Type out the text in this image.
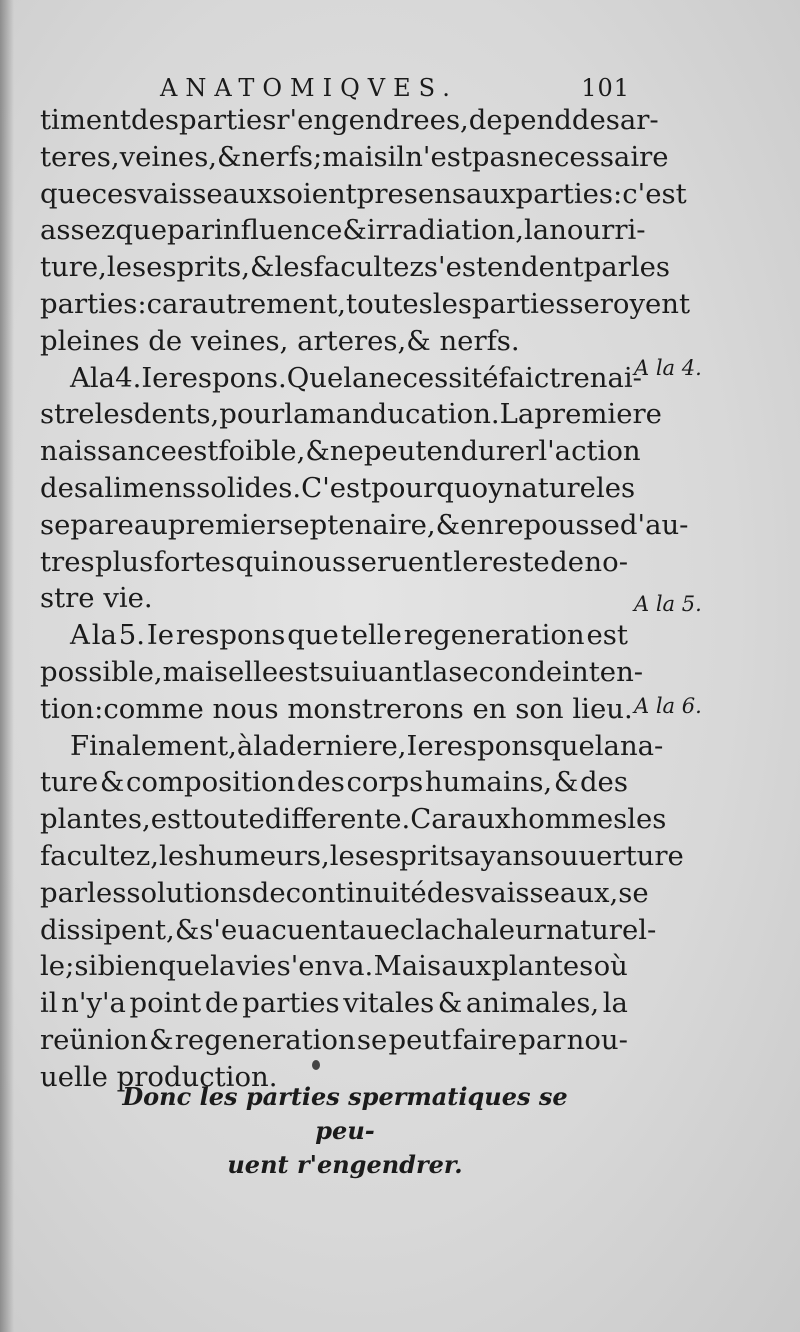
ANATOMIQVES.	101
timent des parties r'engendrees, depend des ar-
teres,veines, & nerfs; mais il n'est pas necessaire
que ces vaisseaux soient presens aux parties: c'est
assez que par influence & irradiation, la nourri-
ture,les esprits, & les facultez s'estendent par les
parties:car autrement, toutes les parties seroyent
pleines de veines, arteres,& nerfs.
A la 4.Ie respons. Que la necessité faict renai-
stre les dents,pour la manducation. La premiere
naissance est foible, & ne peut endurer l'action
des alimens solides. C'est pourquoy nature les
separe au premier septenaire,& en repousse d'au-
tres plus fortes qui nous seruent le reste de no-
stre vie.
A la 5. Ie respons que telle regeneration est
possible, mais elle est suiuant la seconde inten-
tion:comme nous monstrerons en son lieu.
Finalement,à la derniere,Ie respons que la na-
ture & composition des corps humains, & des
plantes, est toute differente.Car aux hommes les
facultez,les humeurs, les esprits ayans ouuerture
par les solutions de continuité des vaisseaux, se
dissipent, & s'euacuent auec la chaleur naturel-
le;si bien que la vie s'en va. Mais aux plantes où
il n'y'a point de parties vitales & animales, la
reünion & regeneration se peut faire par nou-
uelle production.
A la 4.
A la 5.
A la 6.
Donc les parties spermatiques se peu-
uent r'engendrer.
